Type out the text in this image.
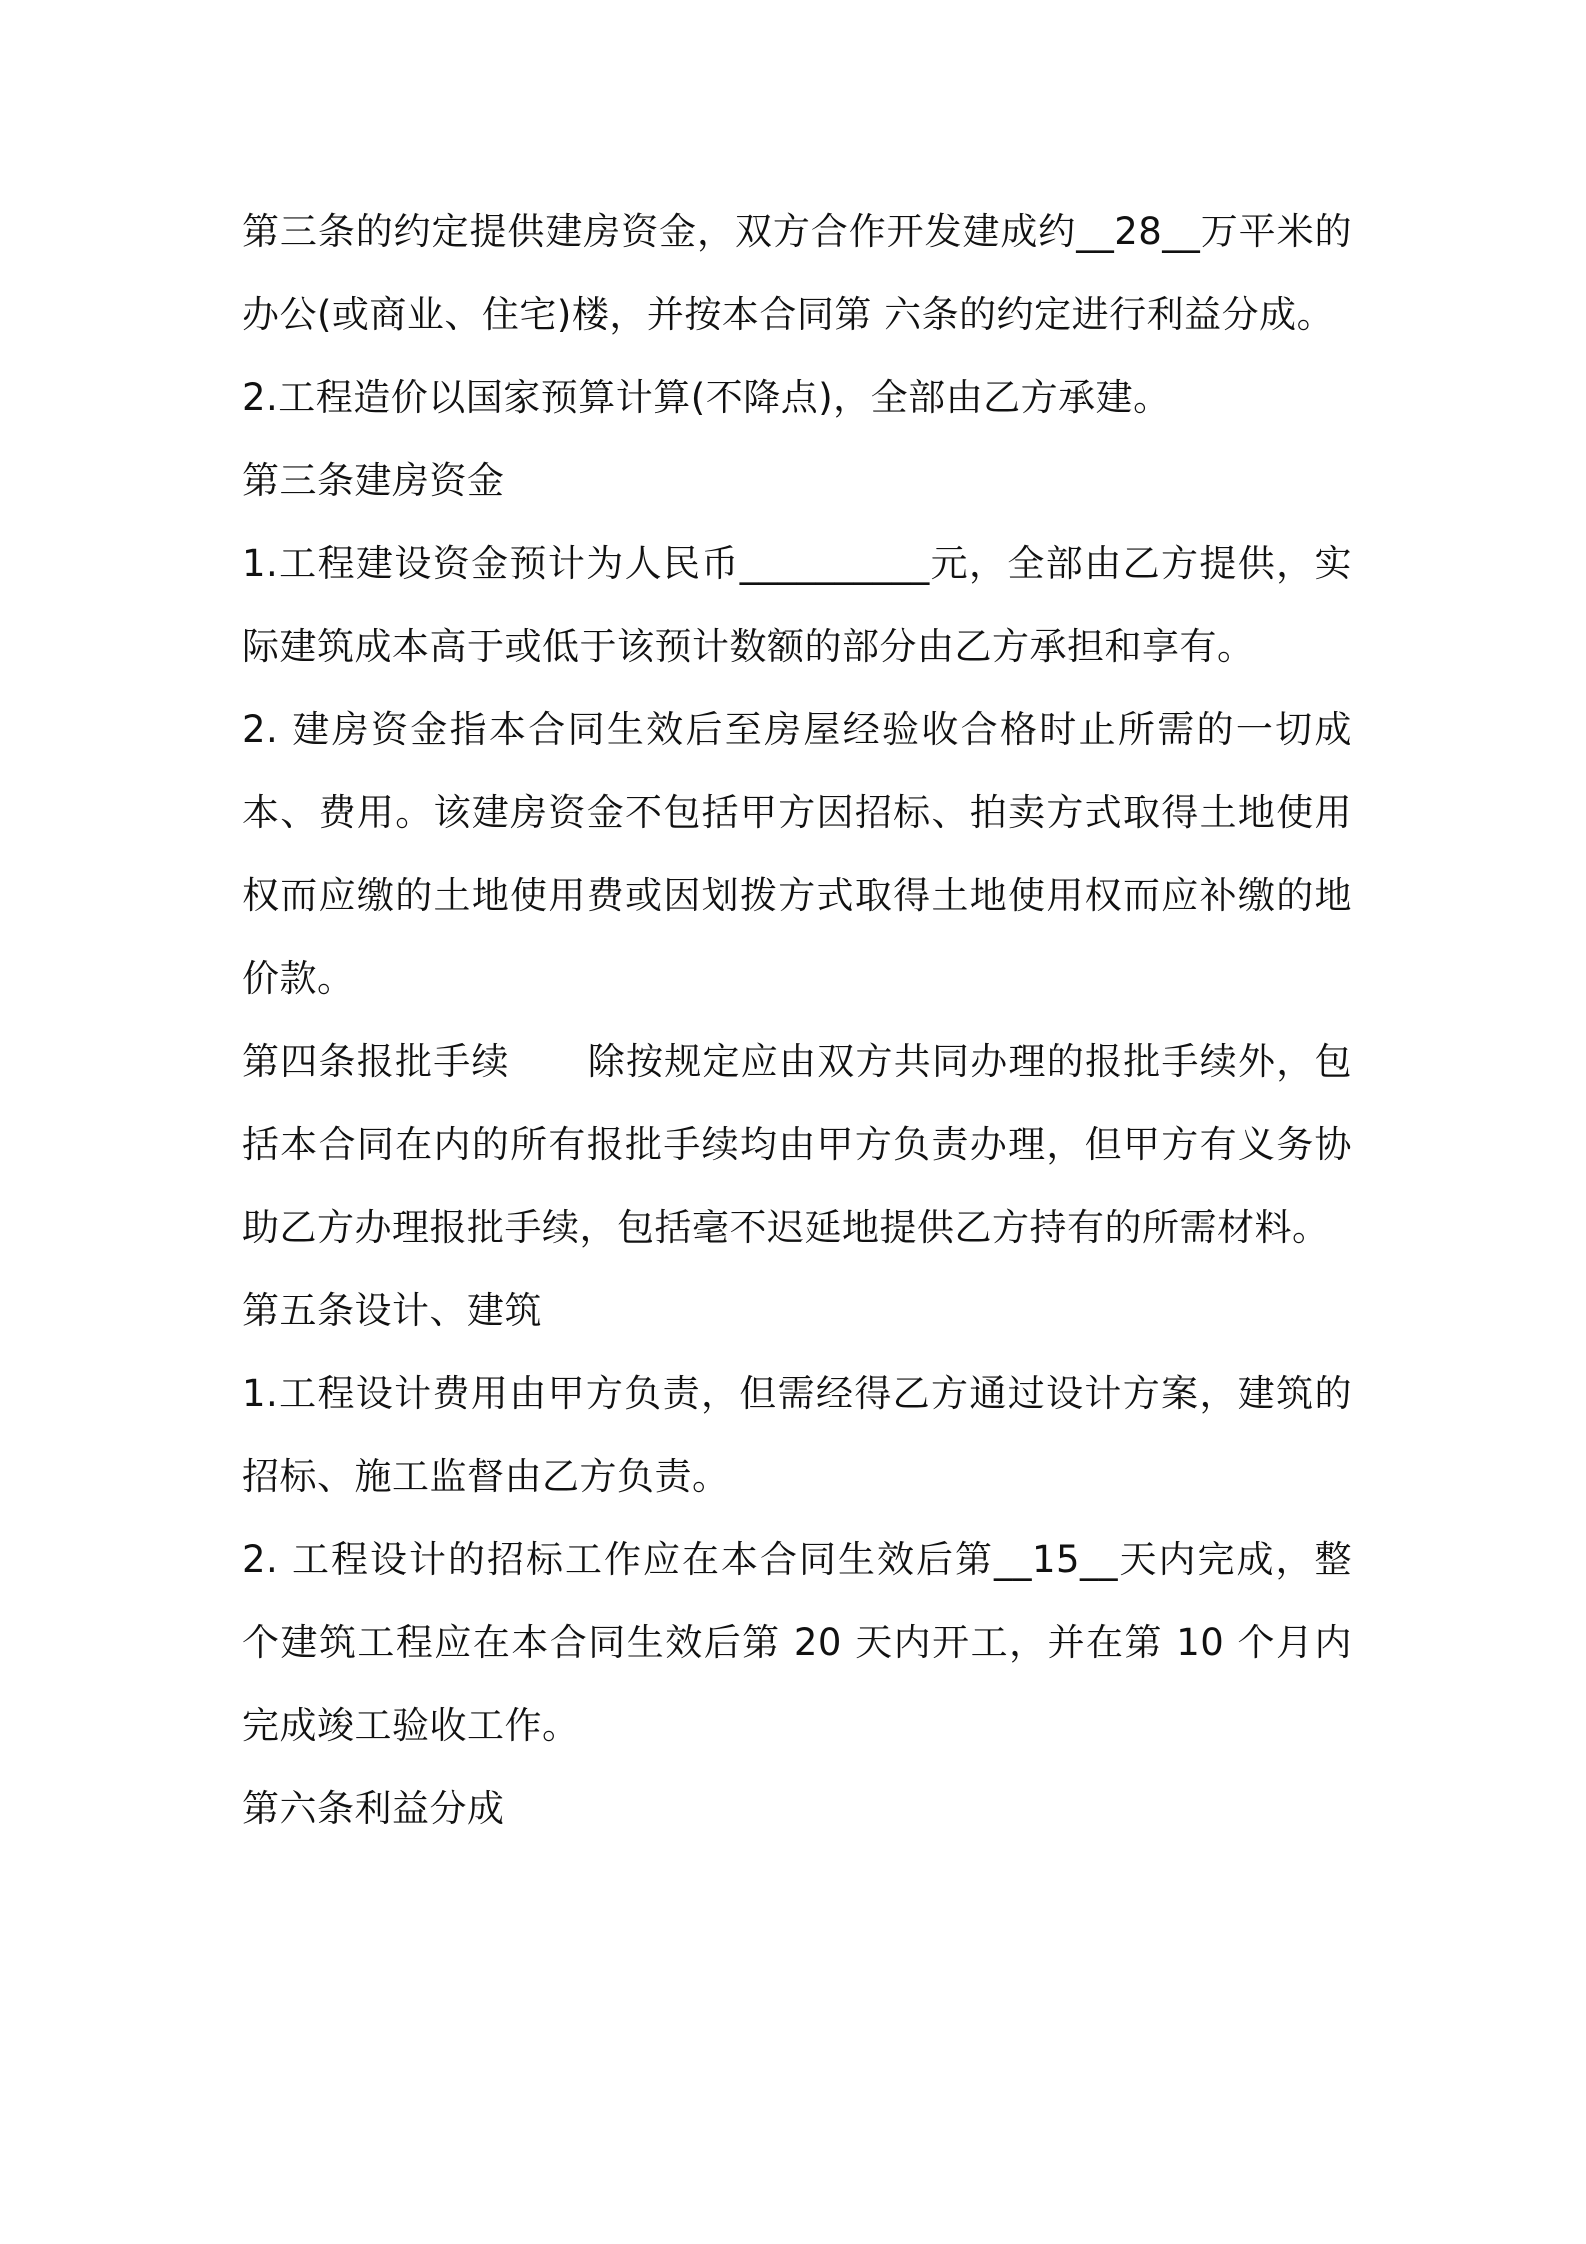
第三条的约定提供建房资金，双方合作开发建成约__28__万平米的办公(或商业、住宅)楼，并按本合同第 六条的约定进行利益分成。

2.工程造价以国家预算计算(不降点)，全部由乙方承建。

第三条建房资金

1.工程建设资金预计为人民币__________元，全部由乙方提供，实际建筑成本高于或低于该预计数额的部分由乙方承担和享有。

2. 建房资金指本合同生效后至房屋经验收合格时止所需的一切成本、费用。该建房资金不包括甲方因招标、拍卖方式取得土地使用权而应缴的土地使用费或因划拨方式取得土地使用权而应补缴的地价款。

第四条报批手续      除按规定应由双方共同办理的报批手续外，包括本合同在内的所有报批手续均由甲方负责办理，但甲方有义务协助乙方办理报批手续，包括毫不迟延地提供乙方持有的所需材料。

第五条设计、建筑

1.工程设计费用由甲方负责，但需经得乙方通过设计方案，建筑的招标、施工监督由乙方负责。

2. 工程设计的招标工作应在本合同生效后第__15__天内完成，整个建筑工程应在本合同生效后第 20 天内开工，并在第 10 个月内完成竣工验收工作。

第六条利益分成
